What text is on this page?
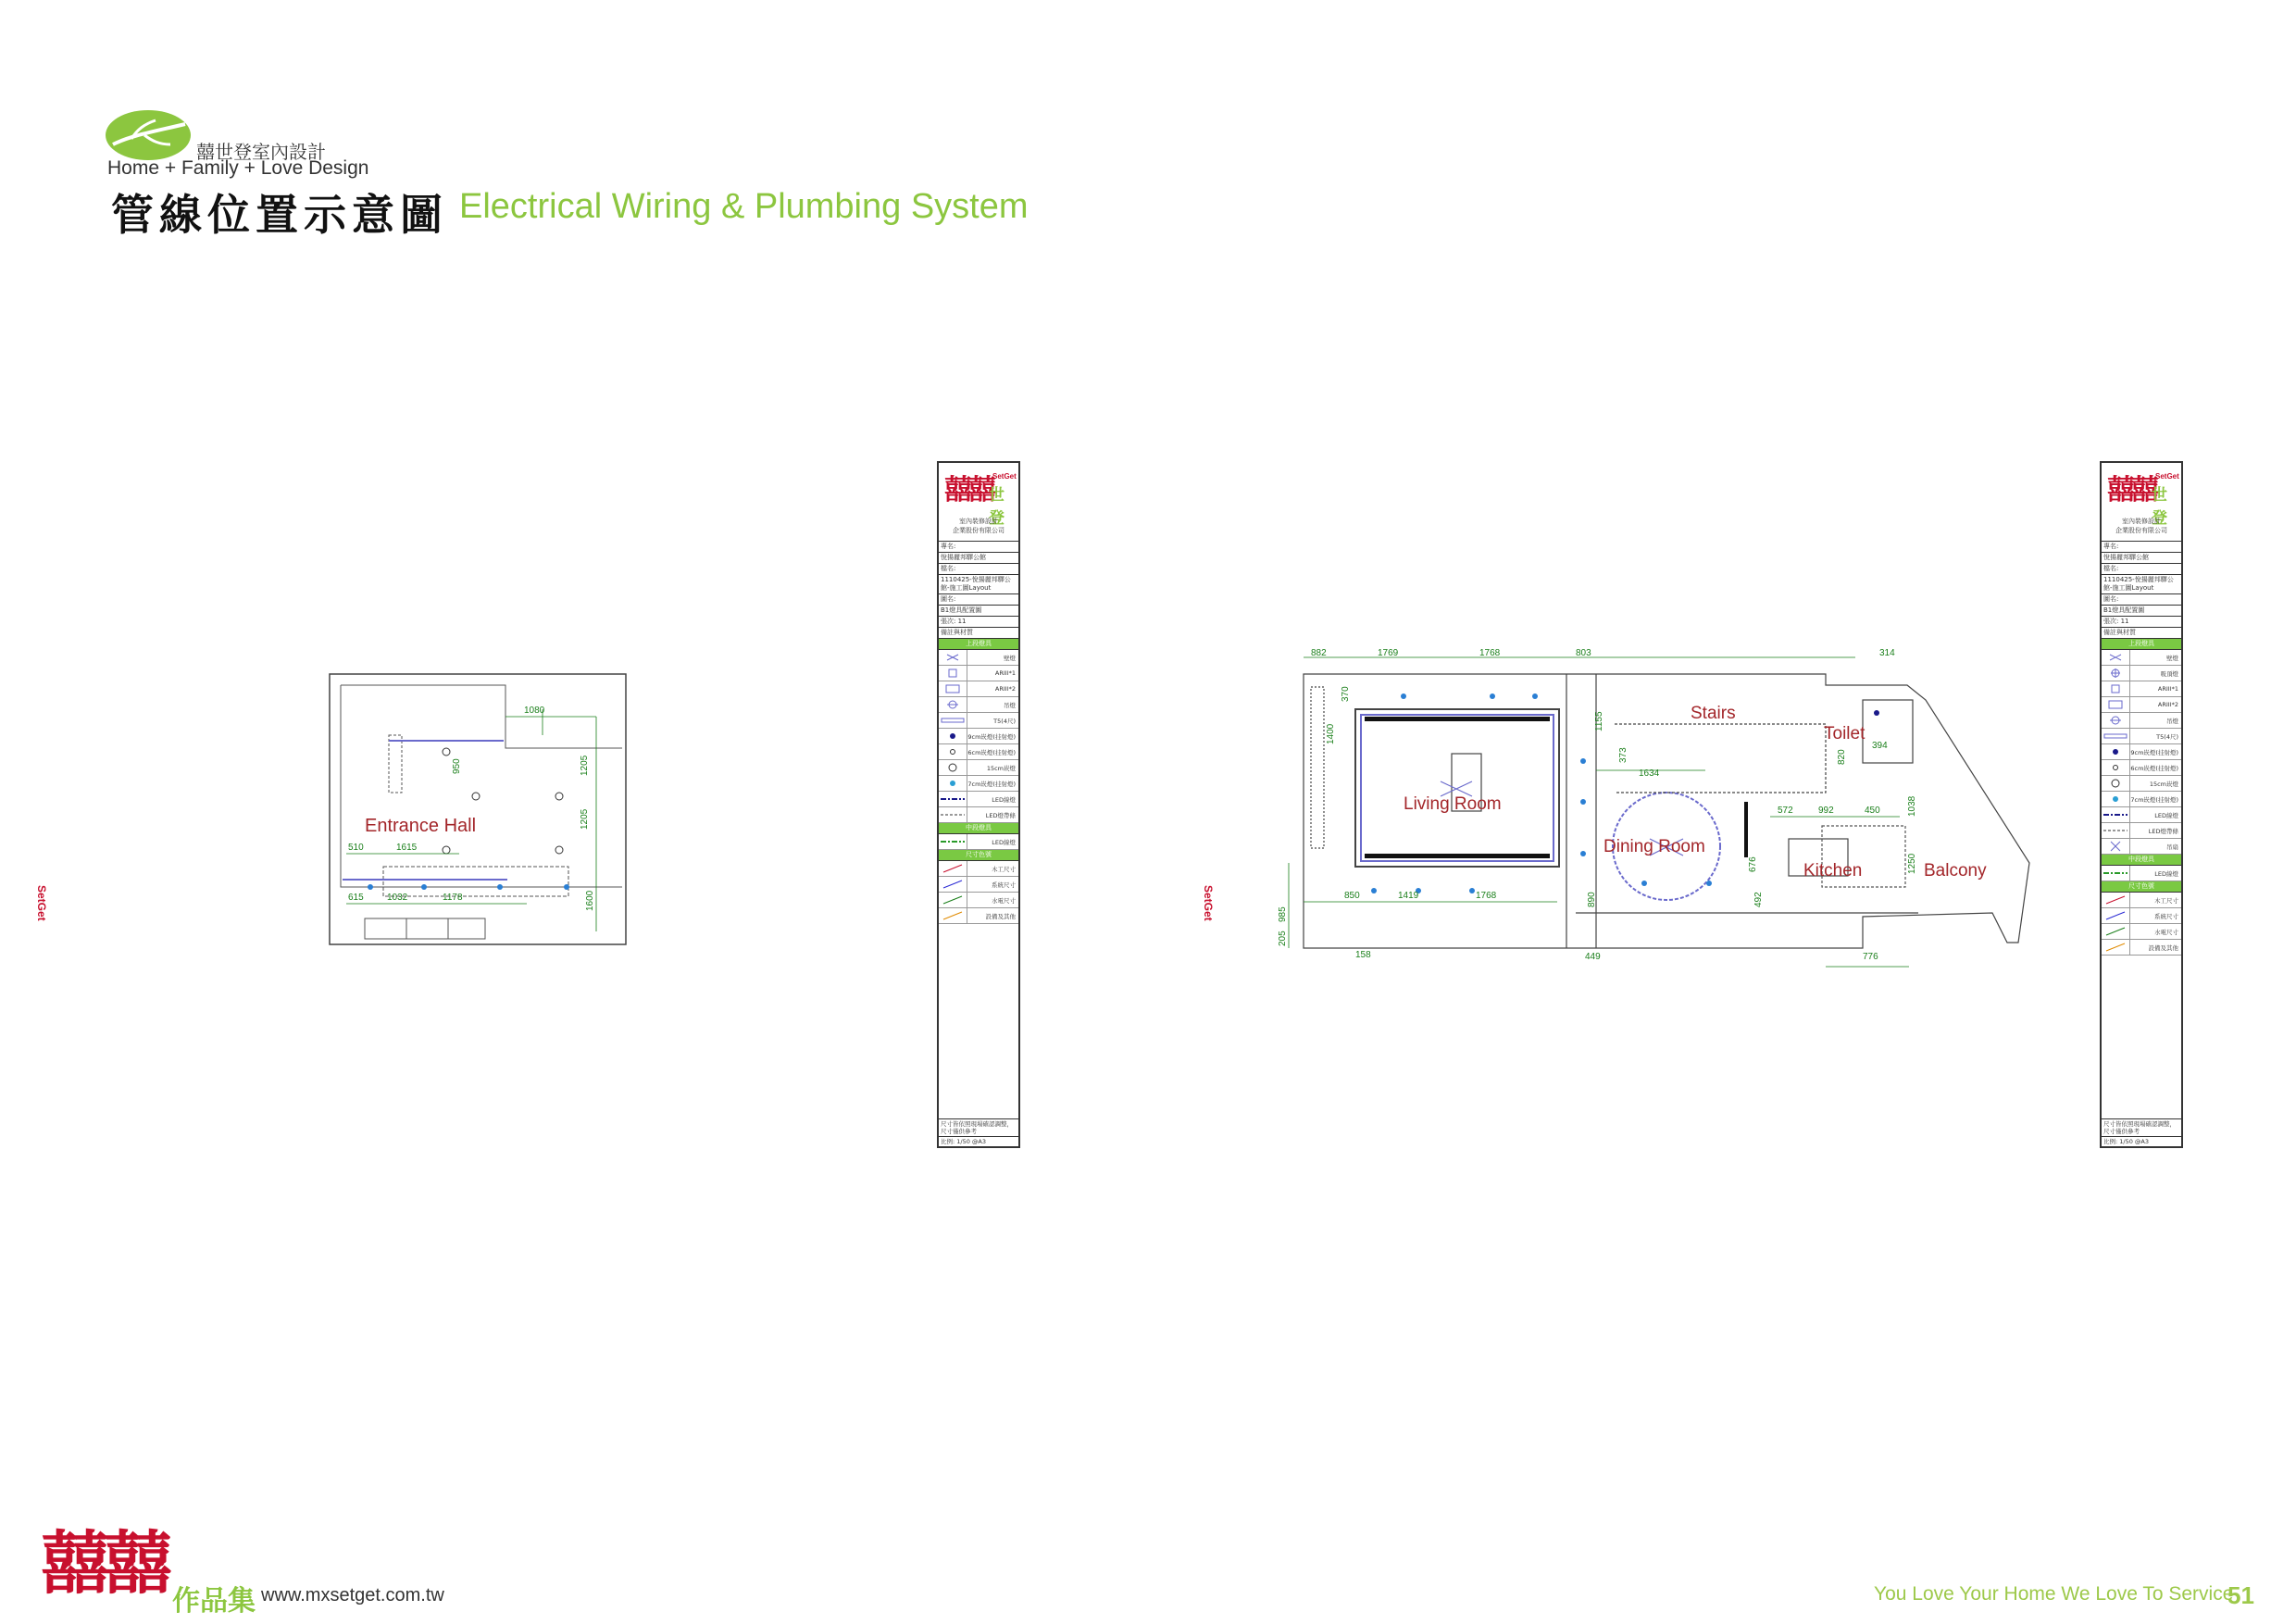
囍世登室內設計
Home + Family + Love Design
管線位置示意圖 Electrical Wiring & Plumbing System
SetGet	SetGet
1080
1205
1205
950
510	1615
615	1032	1178	1600
Entrance Hall
882	1769	1768	803	314
1400
370
1155
373
1634
820
394
572	992	450	1038
1250
850	1419	1768
985
205
158	449	776
676
492
890
Living Room
Dining Room
Stairs
Toilet
Kitchen	Balcony
囍囍 SetGet
世登
室內裝修設計
企業股份有限公司
專名:
悅揚麗邦驛公館
檔名:
1110425-悅揚麗邦驛公館-施工圖Layout
圖名:
B1燈具配置圖
張次: 11
備註與材質
上段燈具
壁燈
ARIII*1
ARIII*2
吊燈
T5(4尺)
9cm崁燈(挂射燈)
6cm崁燈(挂射燈)
15cm崁燈
7cm崁燈(挂射燈)
LED線燈
LED燈帶條
中段燈具
LED線燈
尺寸色號
木工尺寸
系統尺寸
水電尺寸
設備及其他
尺寸皆依照現場確認調整，尺寸僅供參考
比例: 1/50 @A3
囍囍 SetGet
世登
室內裝修設計
企業股份有限公司
專名:
悅揚麗邦驛公館
檔名:
1110425-悅揚麗邦驛公館-施工圖Layout
圖名:
B1燈具配置圖
張次: 11
備註與材質
上段燈具
壁燈
吸頂燈
ARIII*1
ARIII*2
吊燈
T5(4尺)
9cm崁燈(挂射燈)
6cm崁燈(挂射燈)
15cm崁燈
7cm崁燈(挂射燈)
LED線燈
LED燈帶條
吊扇
中段燈具
LED線燈
尺寸色號
木工尺寸
系統尺寸
水電尺寸
設備及其他
尺寸皆依照現場確認調整，尺寸僅供參考
比例: 1/50 @A3
囍囍 作品集 www.mxsetget.com.tw	You Love Your Home We Love To Service
51
